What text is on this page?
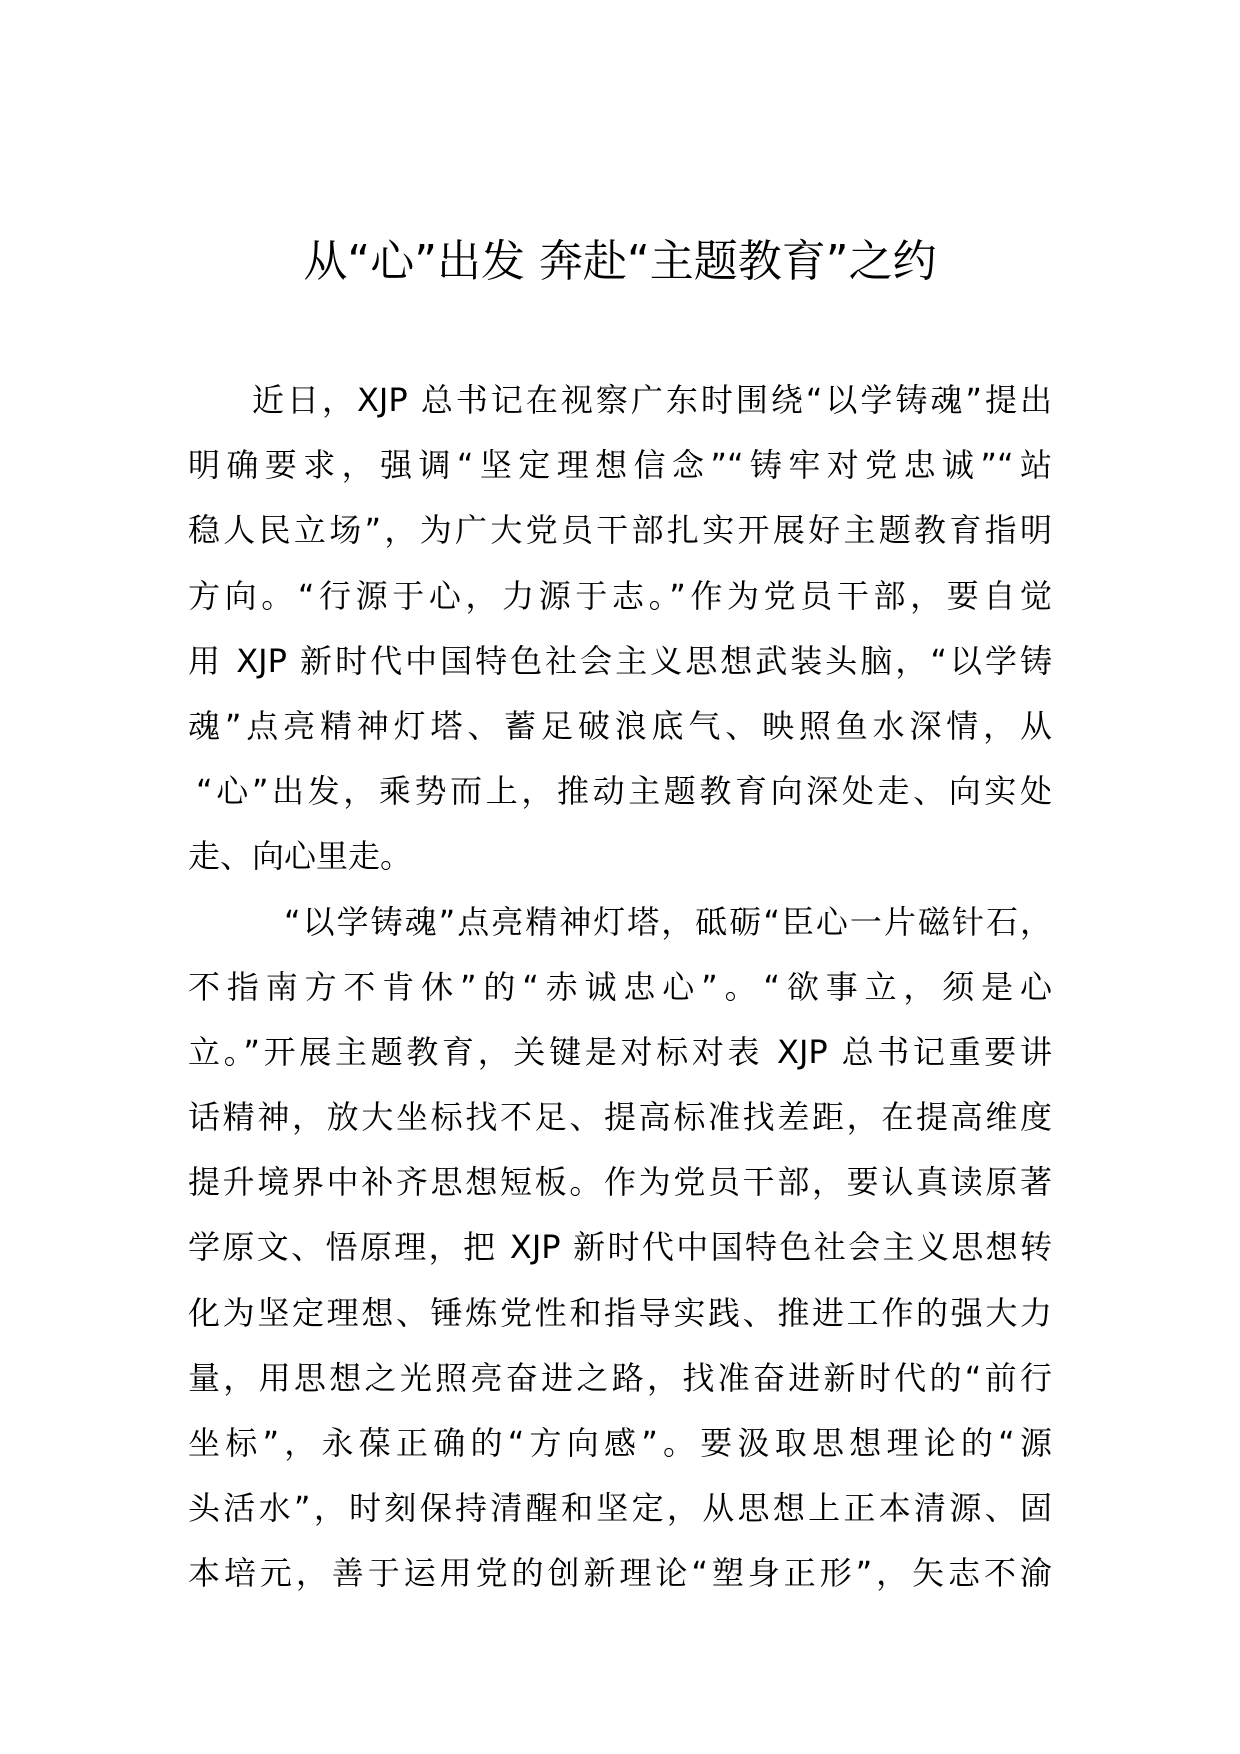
从“心”出发 奔赴“主题教育”之约
近日，XJP 总书记在视察广东时围绕“以学铸魂”提出
明确要求，强调“坚定理想信念”“铸牢对党忠诚”“站
稳人民立场”，为广大党员干部扎实开展好主题教育指明
方向。“行源于心，力源于志。”作为党员干部，要自觉
用 XJP 新时代中国特色社会主义思想武装头脑，“以学铸
魂”点亮精神灯塔、蓄足破浪底气、映照鱼水深情，从
“心”出发，乘势而上，推动主题教育向深处走、向实处
走、向心里走。
“以学铸魂”点亮精神灯塔，砥砺“臣心一片磁针石，
不指南方不肯休”的“赤诚忠心”。“欲事立，须是心
立。”开展主题教育，关键是对标对表 XJP 总书记重要讲
话精神，放大坐标找不足、提高标准找差距，在提高维度
提升境界中补齐思想短板。作为党员干部，要认真读原著
学原文、悟原理，把 XJP 新时代中国特色社会主义思想转
化为坚定理想、锤炼党性和指导实践、推进工作的强大力
量，用思想之光照亮奋进之路，找准奋进新时代的“前行
坐标”，永葆正确的“方向感”。要汲取思想理论的“源
头活水”，时刻保持清醒和坚定，从思想上正本清源、固
本培元，善于运用党的创新理论“塑身正形”，矢志不渝
